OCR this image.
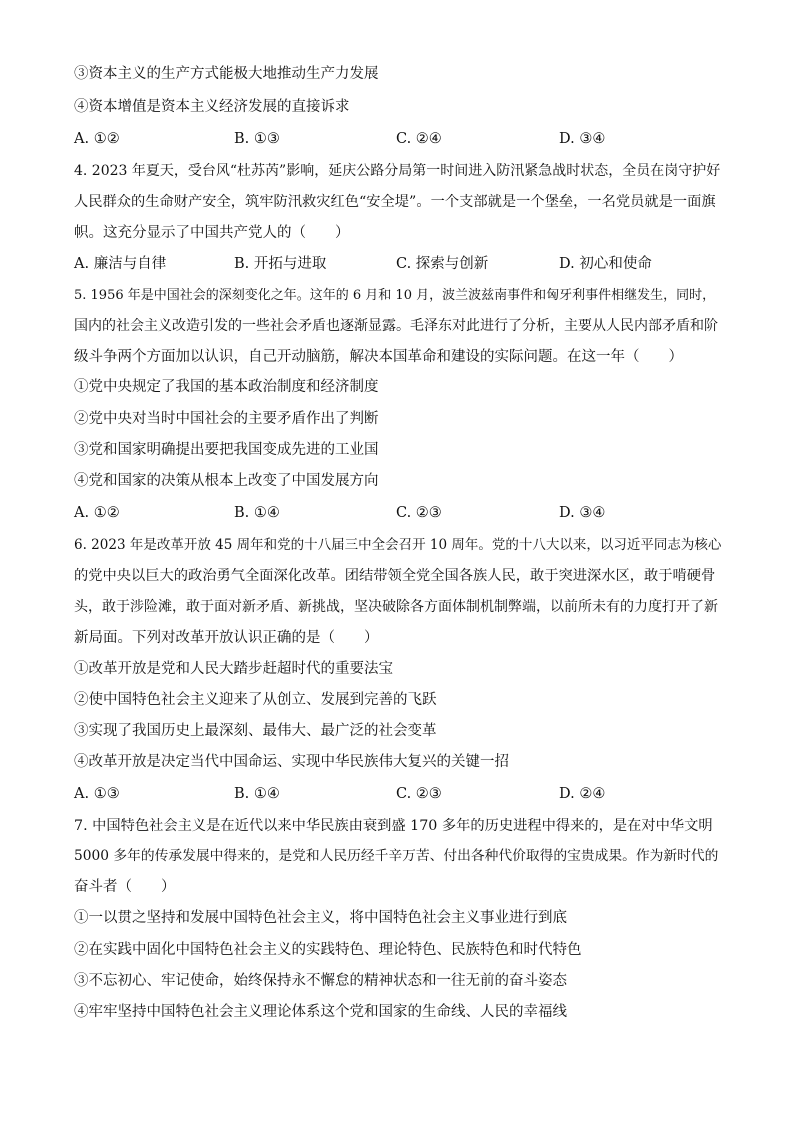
③资本主义的生产方式能极大地推动生产力发展
④资本增值是资本主义经济发展的直接诉求
A. ①②	B. ①③	C. ②④	D. ③④
4. 2023 年夏天，受台风“杜苏芮”影响，延庆公路分局第一时间进入防汛紧急战时状态，全员在岗守护好
人民群众的生命财产安全，筑牢防汛救灾红色“安全堤”。一个支部就是一个堡垒，一名党员就是一面旗
帜。这充分显示了中国共产党人的（　　）
A. 廉洁与自律	B. 开拓与进取	C. 探索与创新	D. 初心和使命
5. 1956 年是中国社会的深刻变化之年。这年的 6 月和 10 月，波兰波兹南事件和匈牙利事件相继发生，同时，
国内的社会主义改造引发的一些社会矛盾也逐渐显露。毛泽东对此进行了分析，主要从人民内部矛盾和阶
级斗争两个方面加以认识，自己开动脑筋，解决本国革命和建设的实际问题。在这一年（　　）
①党中央规定了我国的基本政治制度和经济制度
②党中央对当时中国社会的主要矛盾作出了判断
③党和国家明确提出要把我国变成先进的工业国
④党和国家的决策从根本上改变了中国发展方向
A. ①②	B. ①④	C. ②③	D. ③④
6. 2023 年是改革开放 45 周年和党的十八届三中全会召开 10 周年。党的十八大以来，以习近平同志为核心
的党中央以巨大的政治勇气全面深化改革。团结带领全党全国各族人民，敢于突进深水区，敢于啃硬骨
头，敢于涉险滩，敢于面对新矛盾、新挑战，坚决破除各方面体制机制弊端，以前所未有的力度打开了新
新局面。下列对改革开放认识正确的是（　　）
①改革开放是党和人民大踏步赶超时代的重要法宝
②使中国特色社会主义迎来了从创立、发展到完善的飞跃
③实现了我国历史上最深刻、最伟大、最广泛的社会变革
④改革开放是决定当代中国命运、实现中华民族伟大复兴的关键一招
A. ①③	B. ①④	C. ②③	D. ②④
7. 中国特色社会主义是在近代以来中华民族由衰到盛 170 多年的历史进程中得来的，是在对中华文明
5000 多年的传承发展中得来的，是党和人民历经千辛万苦、付出各种代价取得的宝贵成果。作为新时代的
奋斗者（　　）
①一以贯之坚持和发展中国特色社会主义，将中国特色社会主义事业进行到底
②在实践中固化中国特色社会主义的实践特色、理论特色、民族特色和时代特色
③不忘初心、牢记使命，始终保持永不懈怠的精神状态和一往无前的奋斗姿态
④牢牢坚持中国特色社会主义理论体系这个党和国家的生命线、人民的幸福线
